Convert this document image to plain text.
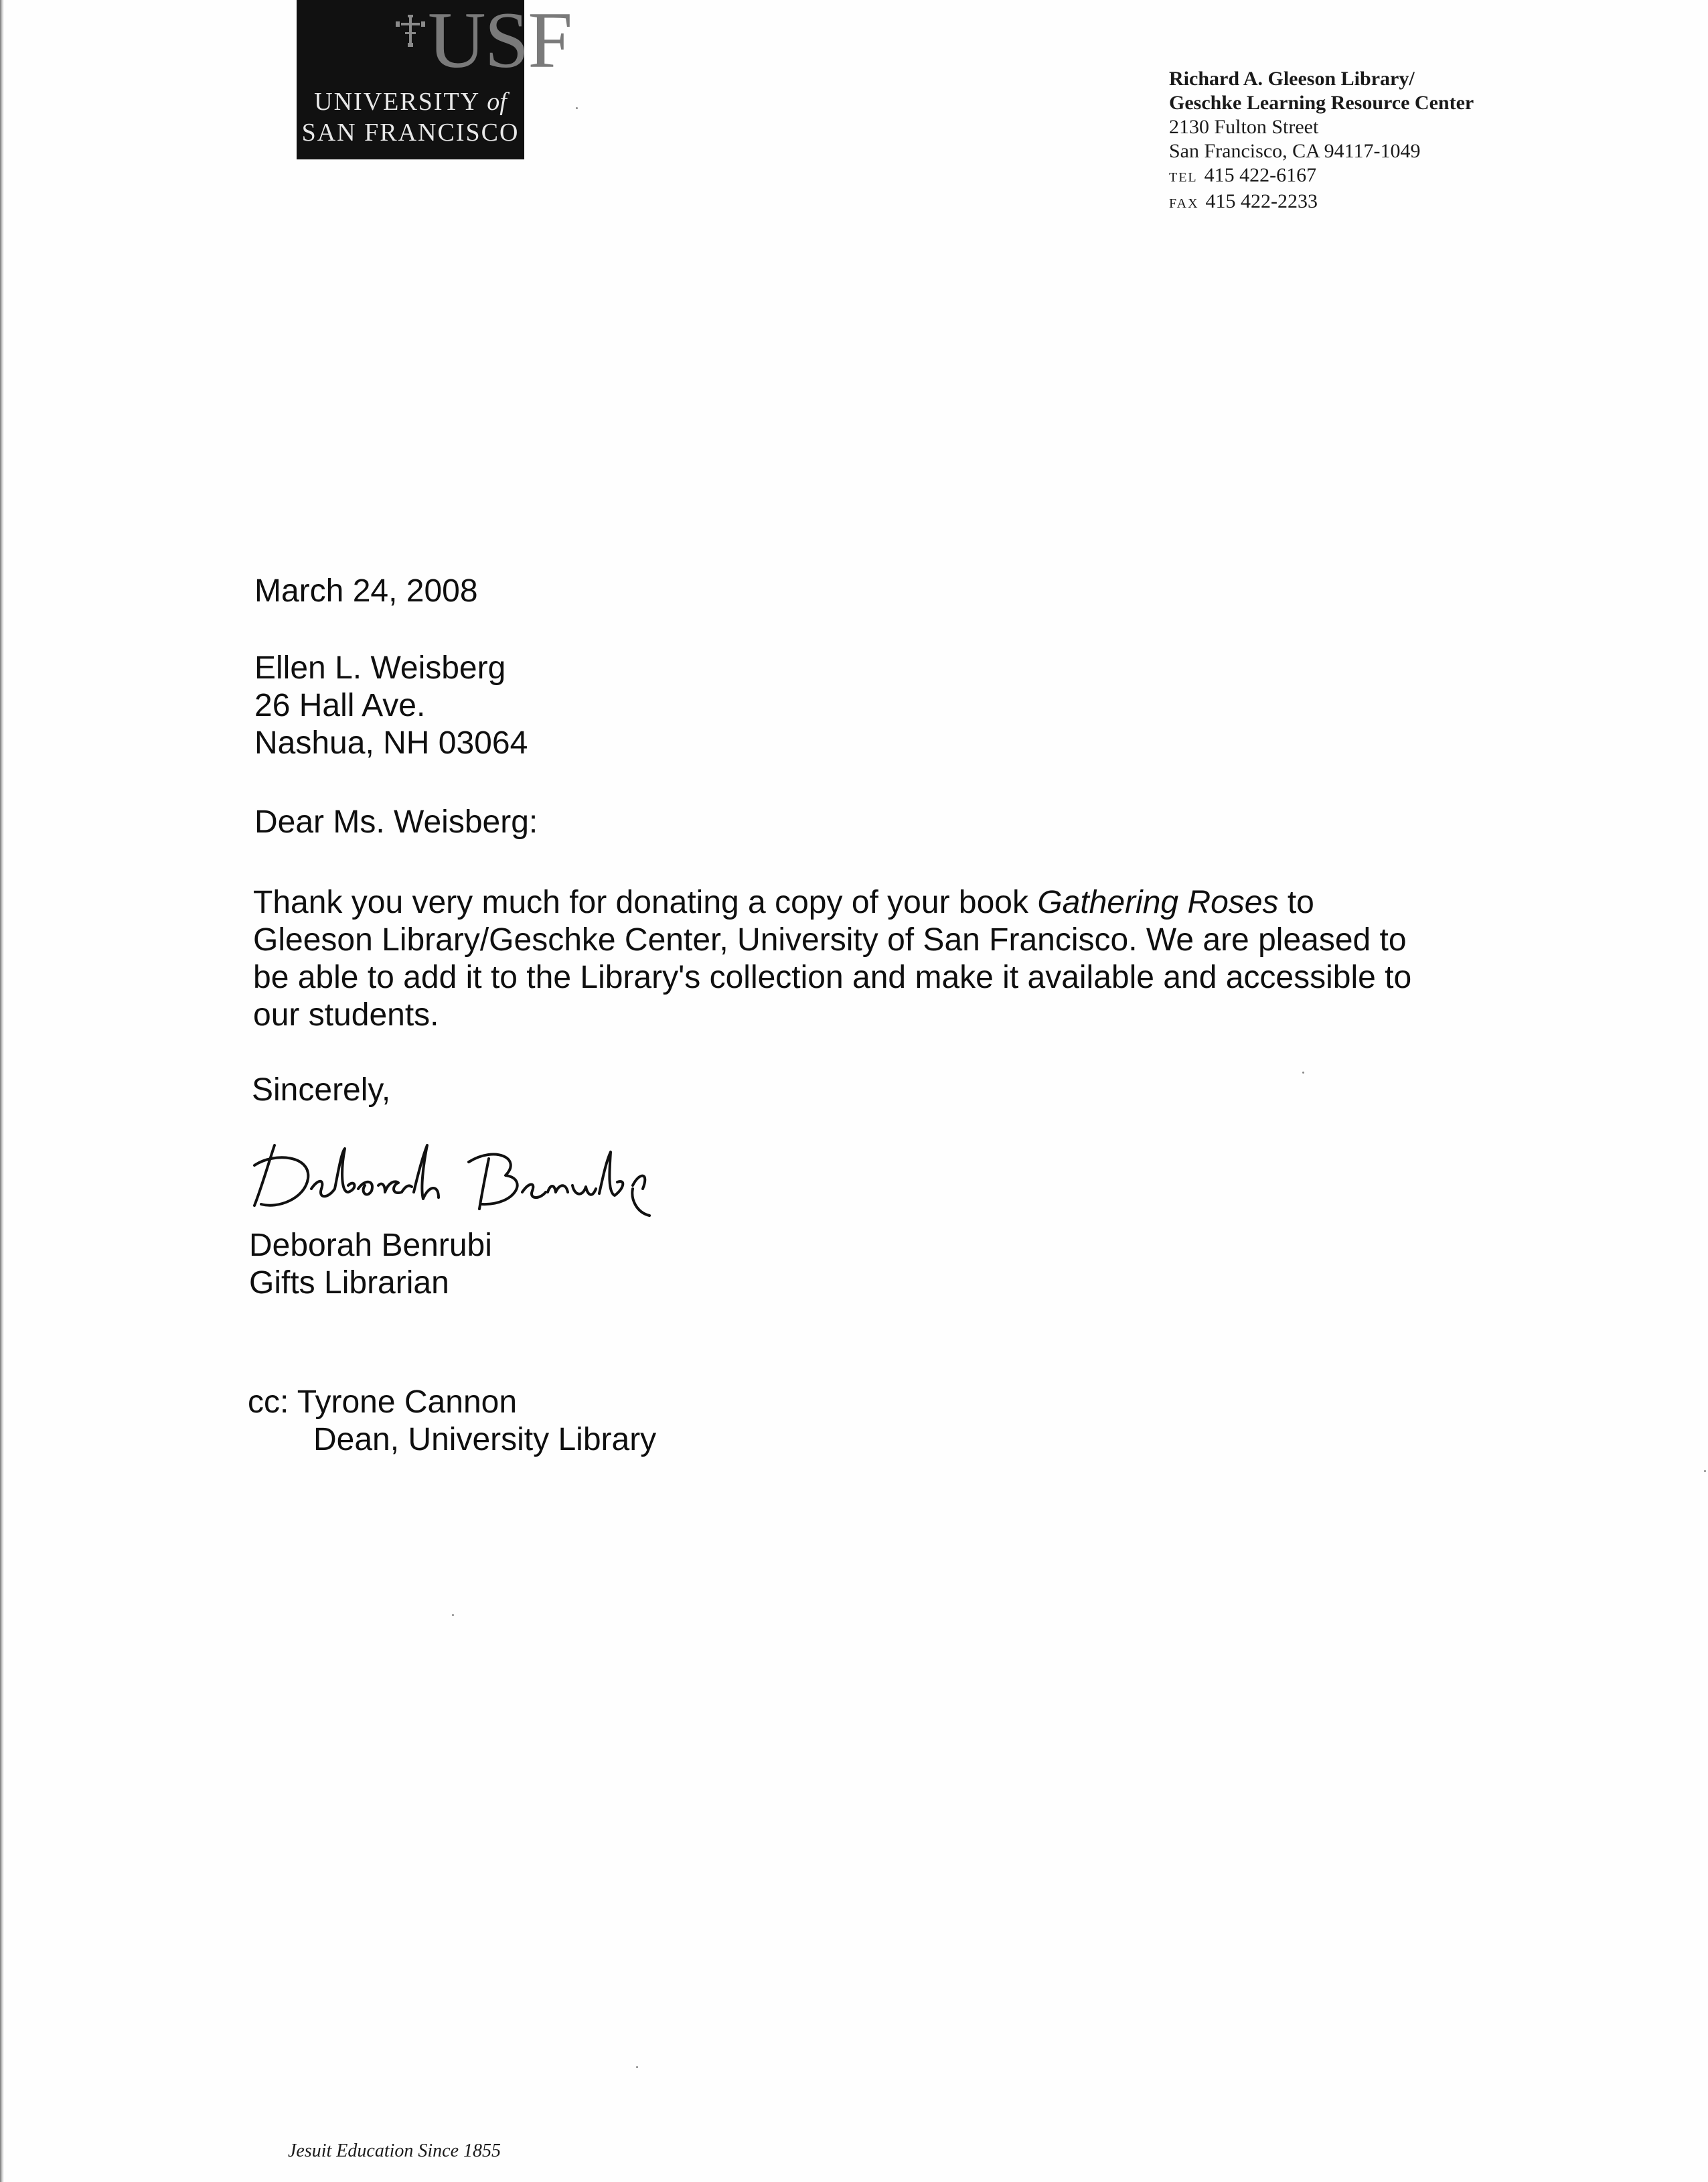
USF
UNIVERSITY of
SAN FRANCISCO
Richard A. Gleeson Library/
Geschke Learning Resource Center
2130 Fulton Street
San Francisco, CA 94117-1049
TEL 415 422-6167
FAX 415 422-2233
March 24, 2008
Ellen L. Weisberg
26 Hall Ave.
Nashua, NH 03064
Dear Ms. Weisberg:
Thank you very much for donating a copy of your book Gathering Roses to
Gleeson Library/Geschke Center, University of San Francisco. We are pleased to
be able to add it to the Library's collection and make it available and accessible to
our students.
Sincerely,
Deborah Benrubi
Gifts Librarian
cc: Tyrone Cannon
Dean, University Library
Jesuit Education Since 1855
